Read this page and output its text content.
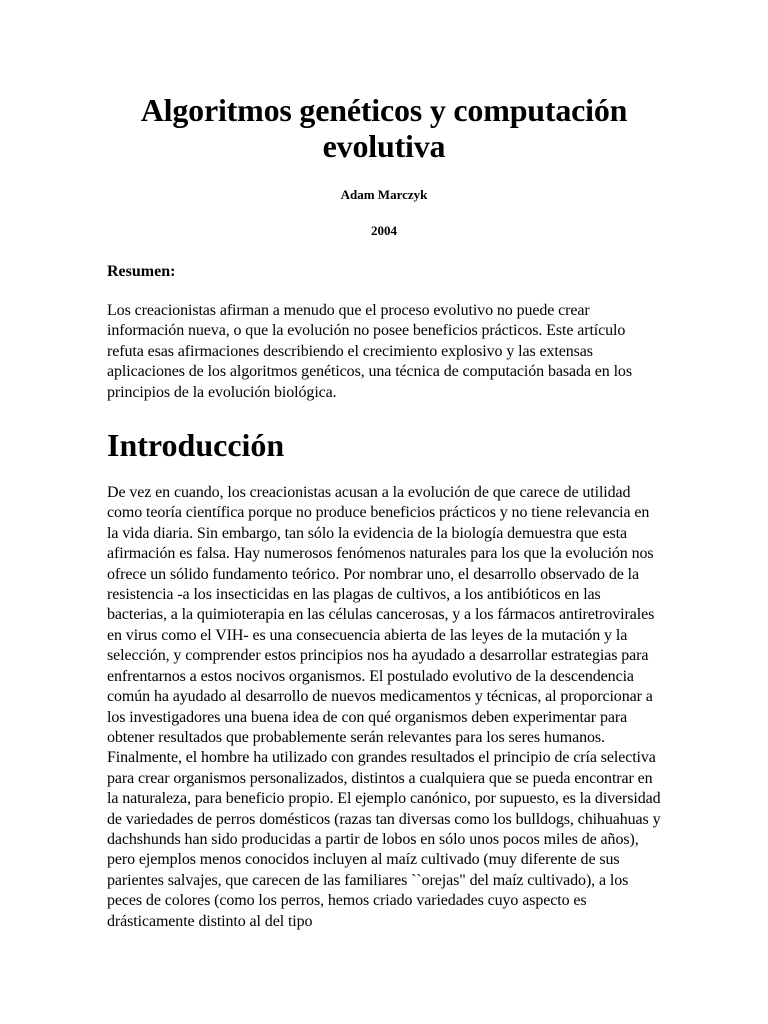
Algoritmos genéticos y computación evolutiva

Adam Marczyk

2004

Resumen:

Los creacionistas afirman a menudo que el proceso evolutivo no puede crear información nueva, o que la evolución no posee beneficios prácticos. Este artículo refuta esas afirmaciones describiendo el crecimiento explosivo y las extensas aplicaciones de los algoritmos genéticos, una técnica de computación basada en los principios de la evolución biológica.

Introducción

De vez en cuando, los creacionistas acusan a la evolución de que carece de utilidad como teoría científica porque no produce beneficios prácticos y no tiene relevancia en la vida diaria. Sin embargo, tan sólo la evidencia de la biología demuestra que esta afirmación es falsa. Hay numerosos fenómenos naturales para los que la evolución nos ofrece un sólido fundamento teórico. Por nombrar uno, el desarrollo observado de la resistencia -a los insecticidas en las plagas de cultivos, a los antibióticos en las bacterias, a la quimioterapia en las células cancerosas, y a los fármacos antiretrovirales en virus como el VIH- es una consecuencia abierta de las leyes de la mutación y la selección, y comprender estos principios nos ha ayudado a desarrollar estrategias para enfrentarnos a estos nocivos organismos. El postulado evolutivo de la descendencia común ha ayudado al desarrollo de nuevos medicamentos y técnicas, al proporcionar a los investigadores una buena idea de con qué organismos deben experimentar para obtener resultados que probablemente serán relevantes para los seres humanos. Finalmente, el hombre ha utilizado con grandes resultados el principio de cría selectiva para crear organismos personalizados, distintos a cualquiera que se pueda encontrar en la naturaleza, para beneficio propio. El ejemplo canónico, por supuesto, es la diversidad de variedades de perros domésticos (razas tan diversas como los bulldogs, chihuahuas y dachshunds han sido producidas a partir de lobos en sólo unos pocos miles de años), pero ejemplos menos conocidos incluyen al maíz cultivado (muy diferente de sus parientes salvajes, que carecen de las familiares ``orejas" del maíz cultivado), a los peces de colores (como los perros, hemos criado variedades cuyo aspecto es drásticamente distinto al del tipo
